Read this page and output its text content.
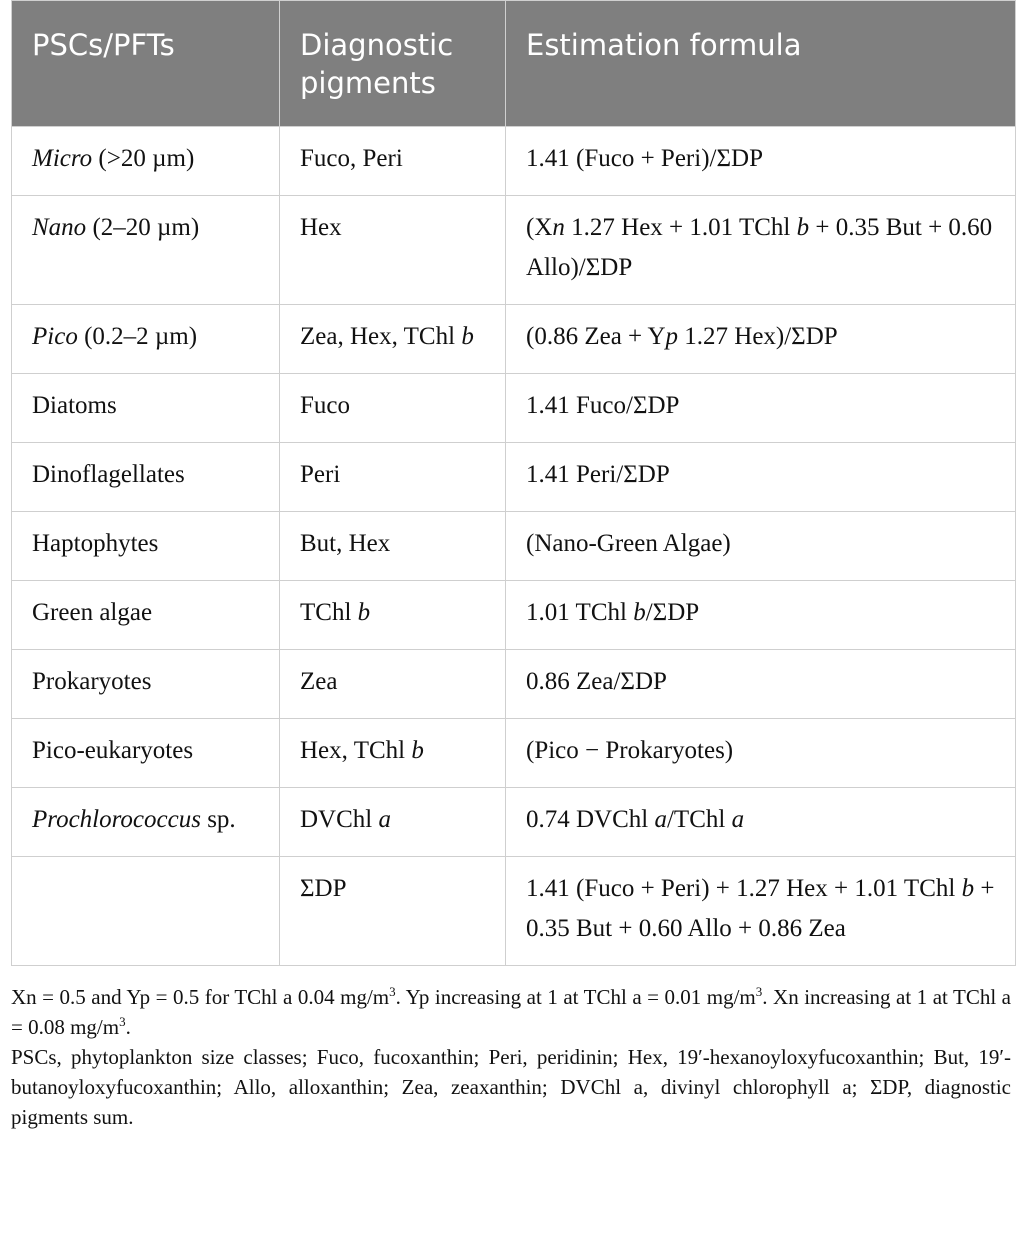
PSCs/PFTs	Diagnostic pigments	Estimation formula
Micro (>20 µm)	Fuco, Peri	1.41 (Fuco + Peri)/ΣDP
Nano (2–20 µm)	Hex	(Xn 1.27 Hex + 1.01 TChl b + 0.35 But + 0.60 Allo)/ΣDP
Pico (0.2–2 µm)	Zea, Hex, TChl b	(0.86 Zea + Yp 1.27 Hex)/ΣDP
Diatoms	Fuco	1.41 Fuco/ΣDP
Dinoflagellates	Peri	1.41 Peri/ΣDP
Haptophytes	But, Hex	(Nano-Green Algae)
Green algae	TChl b	1.01 TChl b/ΣDP
Prokaryotes	Zea	0.86 Zea/ΣDP
Pico-eukaryotes	Hex, TChl b	(Pico − Prokaryotes)
Prochlorococcus sp.	DVChl a	0.74 DVChl a/TChl a
	ΣDP	1.41 (Fuco + Peri) + 1.27 Hex + 1.01 TChl b + 0.35 But + 0.60 Allo + 0.86 Zea

Xn = 0.5 and Yp = 0.5 for TChl a 0.04 $mg/m^3$. Yp increasing at 1 at TChl a = 0.01 $mg/m^3$. Xn increasing at 1 at TChl a = 0.08 $mg/m^3$.

PSCs, phytoplankton size classes; Fuco, fucoxanthin; Peri, peridinin; Hex, 19′-hexanoyloxyfucoxanthin; But, 19′-butanoyloxyfucoxanthin; Allo, alloxanthin; Zea, zeaxanthin; DVChl a, divinyl chlorophyll a; ΣDP, diagnostic pigments sum.
